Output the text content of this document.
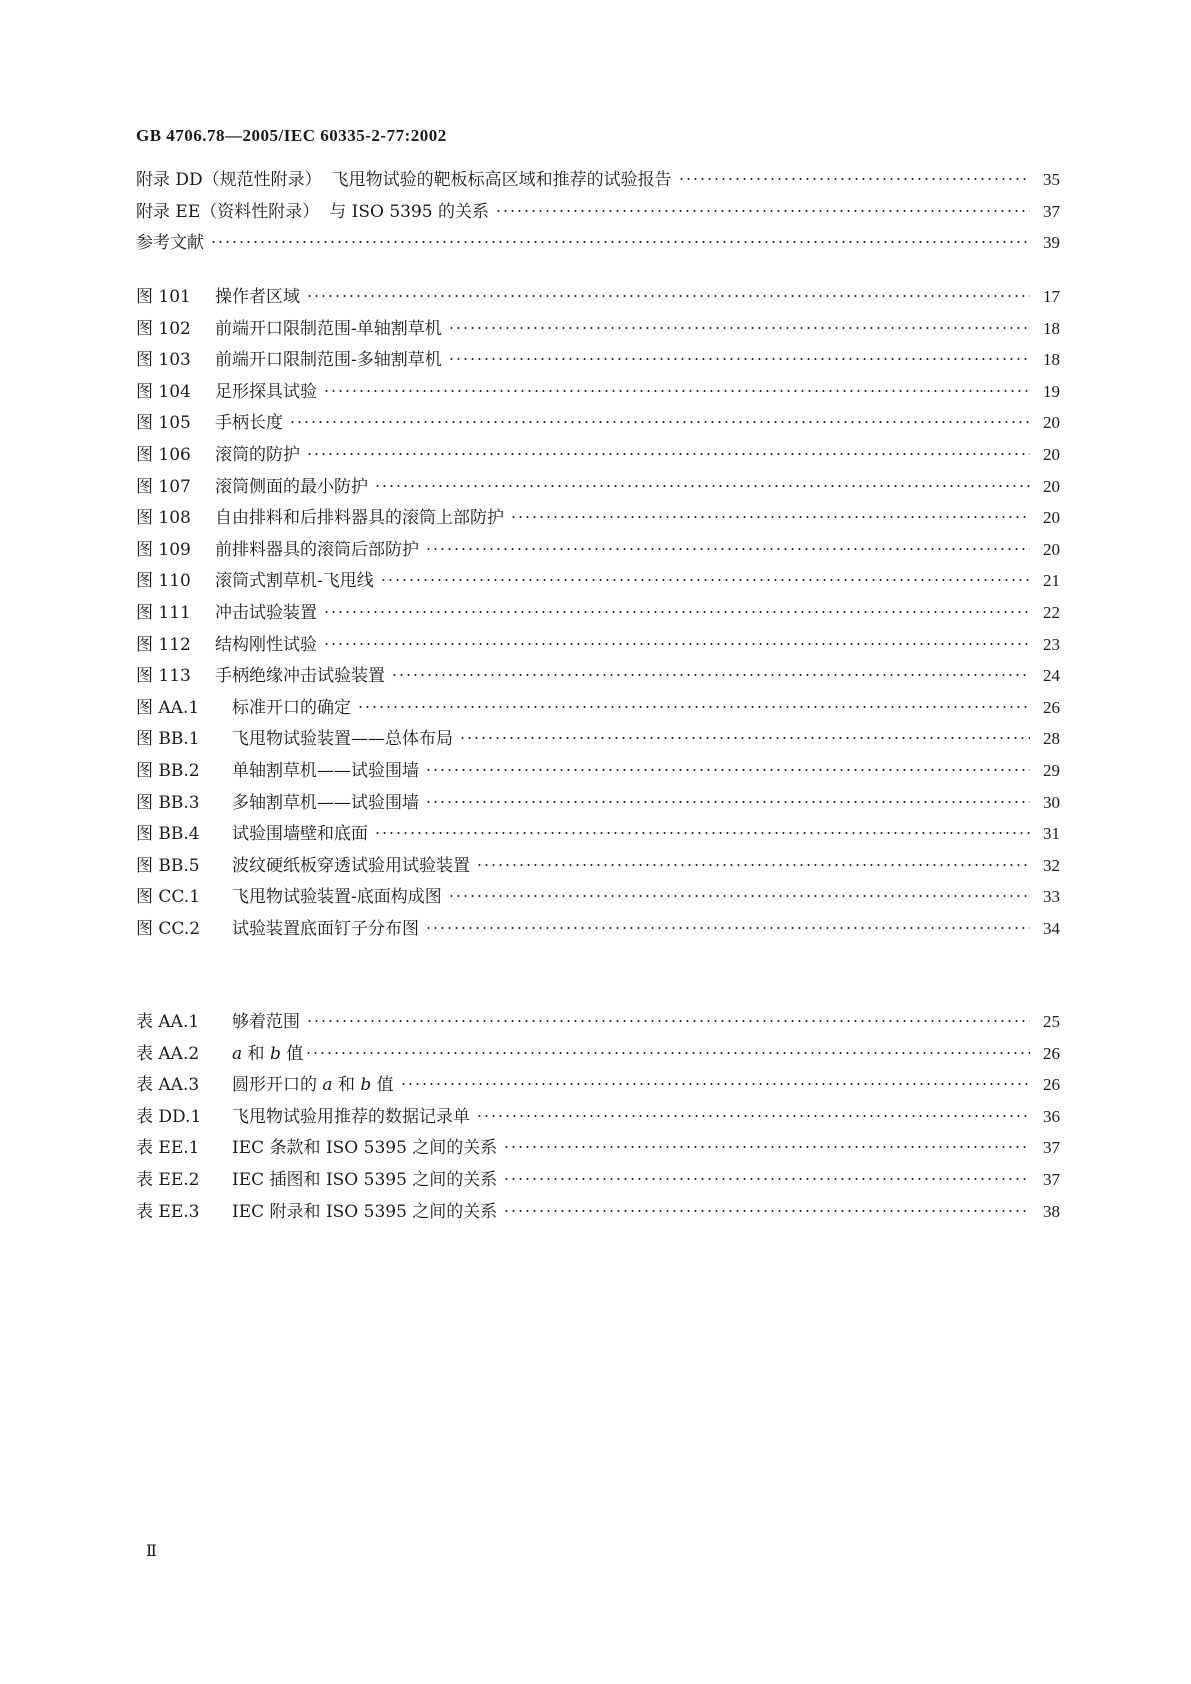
GB 4706.78—2005/IEC 60335-2-77:2002
附录 DD（规范性附录） 飞甩物试验的靶板标高区域和推荐的试验报告	35
附录 EE（资料性附录） 与 ISO 5395 的关系	37
参考文献	39
图 101	操作者区域	17
图 102	前端开口限制范围-单轴割草机	18
图 103	前端开口限制范围-多轴割草机	18
图 104	足形探具试验	19
图 105	手柄长度	20
图 106	滚筒的防护	20
图 107	滚筒侧面的最小防护	20
图 108	自由排料和后排料器具的滚筒上部防护	20
图 109	前排料器具的滚筒后部防护	20
图 110	滚筒式割草机-飞甩线	21
图 111	冲击试验装置	22
图 112	结构刚性试验	23
图 113	手柄绝缘冲击试验装置	24
图 AA.1	标准开口的确定	26
图 BB.1	飞甩物试验装置——总体布局	28
图 BB.2	单轴割草机——试验围墙	29
图 BB.3	多轴割草机——试验围墙	30
图 BB.4	试验围墙壁和底面	31
图 BB.5	波纹硬纸板穿透试验用试验装置	32
图 CC.1	飞甩物试验装置-底面构成图	33
图 CC.2	试验装置底面钉子分布图	34
表 AA.1	够着范围	25
表 AA.2	a 和 b 值	26
表 AA.3	圆形开口的 a 和 b 值	26
表 DD.1	飞甩物试验用推荐的数据记录单	36
表 EE.1	IEC 条款和 ISO 5395 之间的关系	37
表 EE.2	IEC 插图和 ISO 5395 之间的关系	37
表 EE.3	IEC 附录和 ISO 5395 之间的关系	38
Ⅱ
